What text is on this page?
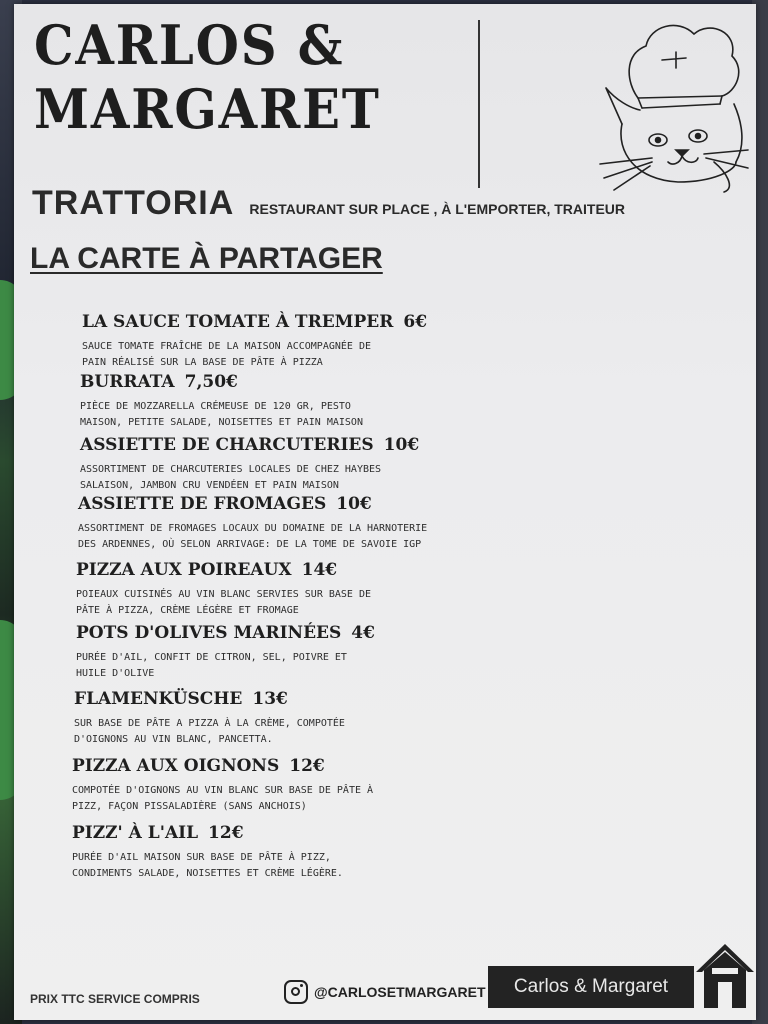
CARLOS &
MARGARET
TRATTORIA RESTAURANT SUR PLACE , À L'EMPORTER, TRAITEUR
LA CARTE À PARTAGER
LA SAUCE TOMATE À TREMPER 6€
SAUCE TOMATE FRAÎCHE DE LA MAISON ACCOMPAGNÉE DE
PAIN RÉALISÉ SUR LA BASE DE PÂTE À PIZZA
BURRATA 7,50€
PIÈCE DE MOZZARELLA CRÉMEUSE DE 120 GR, PESTO
MAISON, PETITE SALADE, NOISETTES ET PAIN MAISON
ASSIETTE DE CHARCUTERIES 10€
ASSORTIMENT DE CHARCUTERIES LOCALES DE CHEZ HAYBES
SALAISON, JAMBON CRU VENDÉEN ET PAIN MAISON
ASSIETTE DE FROMAGES 10€
ASSORTIMENT DE FROMAGES LOCAUX DU DOMAINE DE LA HARNOTERIE
DES ARDENNES, OÙ SELON ARRIVAGE: DE LA TOME DE SAVOIE IGP
PIZZA AUX POIREAUX 14€
POIEAUX CUISINÉS AU VIN BLANC SERVIES SUR BASE DE
PÂTE À PIZZA, CRÈME LÉGÈRE ET FROMAGE
POTS D'OLIVES MARINÉES 4€
PURÉE D'AIL, CONFIT DE CITRON, SEL, POIVRE ET
HUILE D'OLIVE
FLAMENKÜSCHE 13€
SUR BASE DE PÂTE A PIZZA À LA CRÈME, COMPOTÉE
D'OIGNONS AU VIN BLANC, PANCETTA.
PIZZA AUX OIGNONS 12€
COMPOTÉE D'OIGNONS AU VIN BLANC SUR BASE DE PÂTE À
PIZZ, FAÇON PISSALADIÈRE (SANS ANCHOIS)
PIZZ' À L'AIL 12€
PURÉE D'AIL MAISON SUR BASE DE PÂTE À PIZZ,
CONDIMENTS SALADE, NOISETTES ET CRÈME LÉGÈRE.
PRIX TTC SERVICE COMPRIS	@CARLOSETMARGARET	Carlos & Margaret
